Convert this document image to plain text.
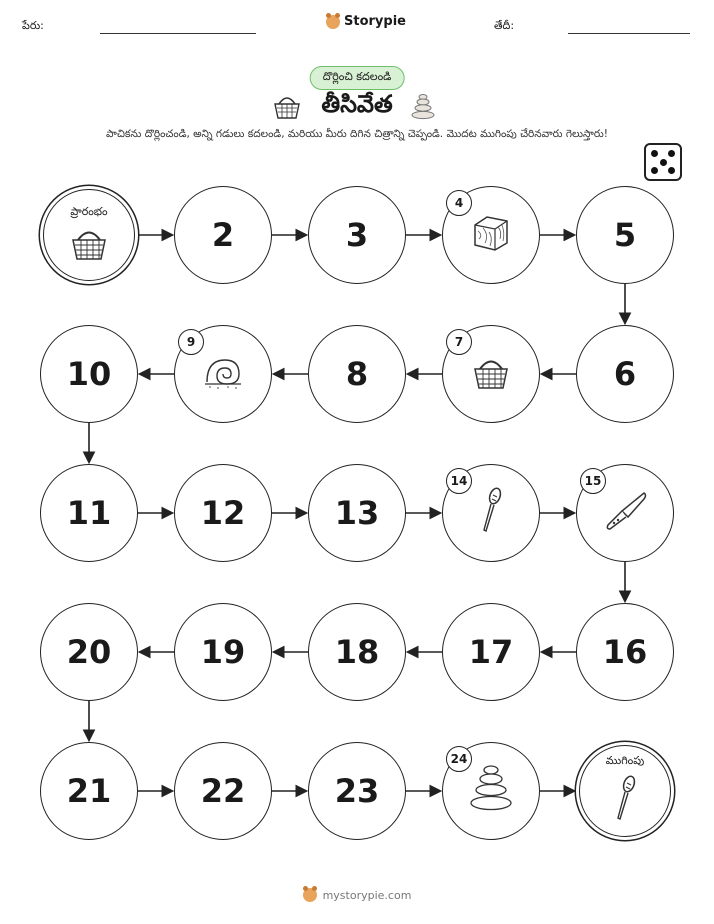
పేరు:	Storypie	తేదీ:
దొర్లించి కదలండి
తీసివేత
పాచికను దొర్లించండి, అన్ని గడులు కదలండి, మరియు మీరు దిగిన చిత్రాన్ని చెప్పండి. మొదట ముగింపు చేరినవారు గెలుస్తారు!
ప్రారంభం
2	3
4
5
6
7
8
9
10
11	12	13
14	15
16
17
18
19
20
21	22	23
24	ముగింపు
mystorypie.com
